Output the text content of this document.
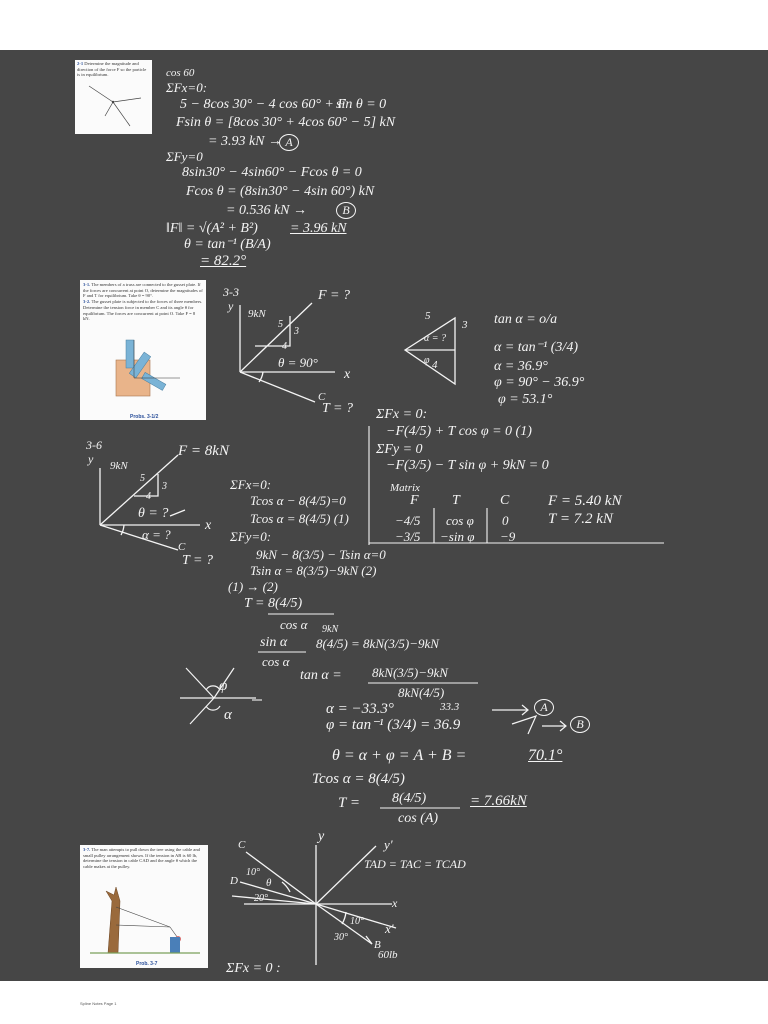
2-1 Determine the magnitude and direction of the force F so the particle is in equilibrium.
3-1. The members of a truss are connected to the gusset plate. If the forces are concurrent at point O, determine the magnitudes of F and T for equilibrium. Take θ = 90°.
3-2. The gusset plate is subjected to the forces of three members. Determine the tension force in member C and its angle θ for equilibrium. The forces are concurrent at point O. Take F = 8 kN.
Probs. 3-1/2
3-7. The man attempts to pull down the tree using the cable and small pulley arrangement shown. If the tension in AB is 60 lb, determine the tension in cable CAD and the angle θ which the cable makes at the pulley.
Prob. 3-7
cos 60
ΣFx=0:
5 − 8cos 30° − 4 cos 60° + F
sin θ = 0
Fsin θ = [8cos 30° + 4cos 60° − 5] kN
= 3.93 kN → A
ΣFy=0
8sin30° − 4sin60° − Fcos θ = 0
Fcos θ = (8sin30° − 4sin 60°) kN
= 0.536 kN →	B
‖F‖ = √(A² + B²) = 3.96 kN
θ = tan⁻¹ (B/A)
= 82.2°
3-3	F = ?
9kN
5
3
4
θ = 90°
x
y
C
T = ?
5
3
4
α = ?
φ
tan α = o/a
α = tan⁻¹ (3/4)
α = 36.9°
φ = 90° − 36.9°
φ = 53.1°
ΣFx = 0:
−F(4/5) + T cos φ = 0 (1)
ΣFy = 0
−F(3/5) − T sin φ + 9kN = 0
Matrix
F T	C
−4/5 cos φ 0
−3/5 −sin φ −9
F = 5.40 kN
T = 7.2 kN
3-6	F = 8kN
9kN
5
3
4
θ = ?
α = ?
x
y
C
T = ?
ΣFx=0:
Tcos α − 8(4/5)=0
Tcos α = 8(4/5) (1)
ΣFy=0:
9kN − 8(3/5) − Tsin α=0
Tsin α = 8(3/5)−9kN (2)
(1) → (2)
T = 8(4/5)
cos α 9kN
sin α 8(4/5) = 8kN(3/5)−9kN
cos α
φ
α
tan α = 8kN(3/5)−9kN
8kN(4/5)
α = −33.3°	33.3	A
φ = tan⁻¹ (3/4) = 36.9	B
θ = α + φ = A + B =	70.1°
Tcos α = 8(4/5)
T = 8(4/5)
cos (A)
= 7.66kN
C
y
y'
D
10°
θ
20°	x
10° x'
30°
B
60lb
TAD = TAC = TCAD
ΣFx = 0 :
Spline Notes Page 1
